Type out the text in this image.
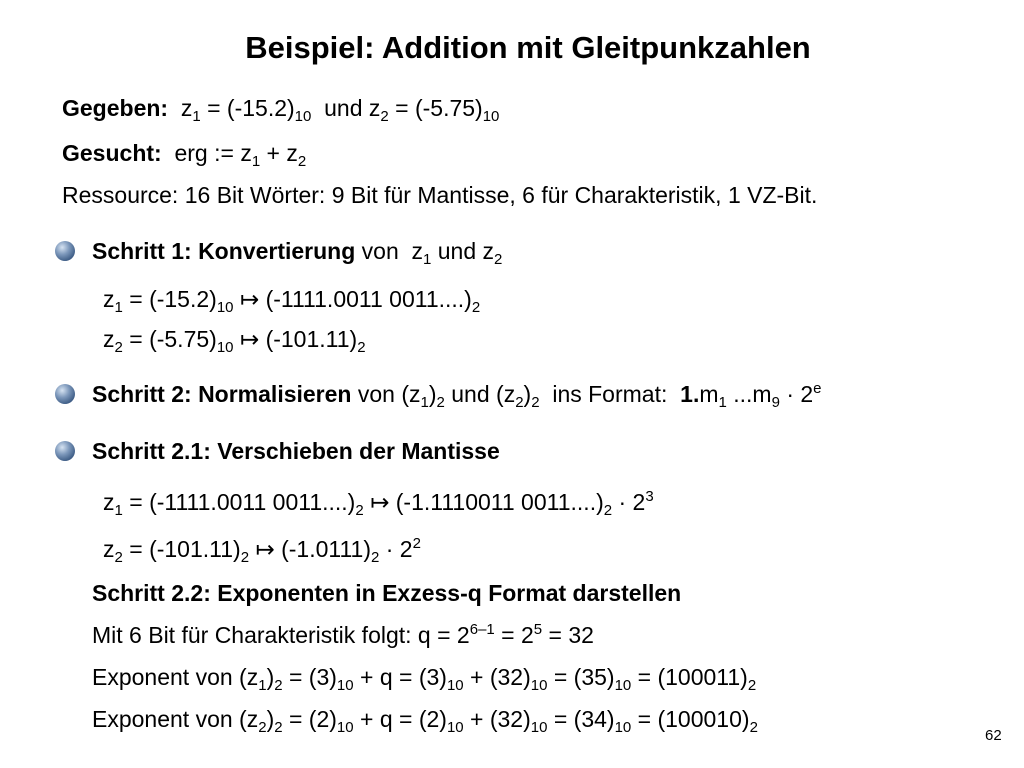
Beispiel: Addition mit Gleitpunkzahlen
Gegeben:  $z_1 = (-15.2)_{10}$ und $z_2 = (-5.75)_{10}$
Gesucht: erg := $z_1 + z_2$
Ressource: 16 Bit Wörter: 9 Bit für Mantisse, 6 für Charakteristik, 1 VZ-Bit.
Schritt 1: Konvertierung von  $z_1$ und $z_2$
$z_1 = (-15.2)_{10}$ ↦ (-1111.0011 $0011....)_2$
$z_2 = (-5.75)_{10}$ ↦ $(-101.11)_2$
Schritt 2: Normalisieren von $(z_1)_2$ und $(z_2)_2$ ins Format: $1.m_1$ $...m_9 \cdot 2^e$
Schritt 2.1: Verschieben der Mantisse
$z_1 = (-1111.0011$ $0011....)_2$ ↦ (-1.1110011 $0011....)_2 \cdot 2^3$
$z_2 = (-101.11)_2$ ↦ $(-1.0111)_2 \cdot 2^2$
Schritt 2.2: Exponenten in Exzess-q Format darstellen
Mit 6 Bit für Charakteristik folgt: $q = 2^{6-1} = 2^5 = 32$
Exponent von $(z_1)_2 = (3)_{10} + q = (3)_{10} + (32)_{10} = (35)_{10} = (100011)_2$
Exponent von $(z_2)_2 = (2)_{10} + q = (2)_{10} + (32)_{10} = (34)_{10} = (100010)_2$	62
